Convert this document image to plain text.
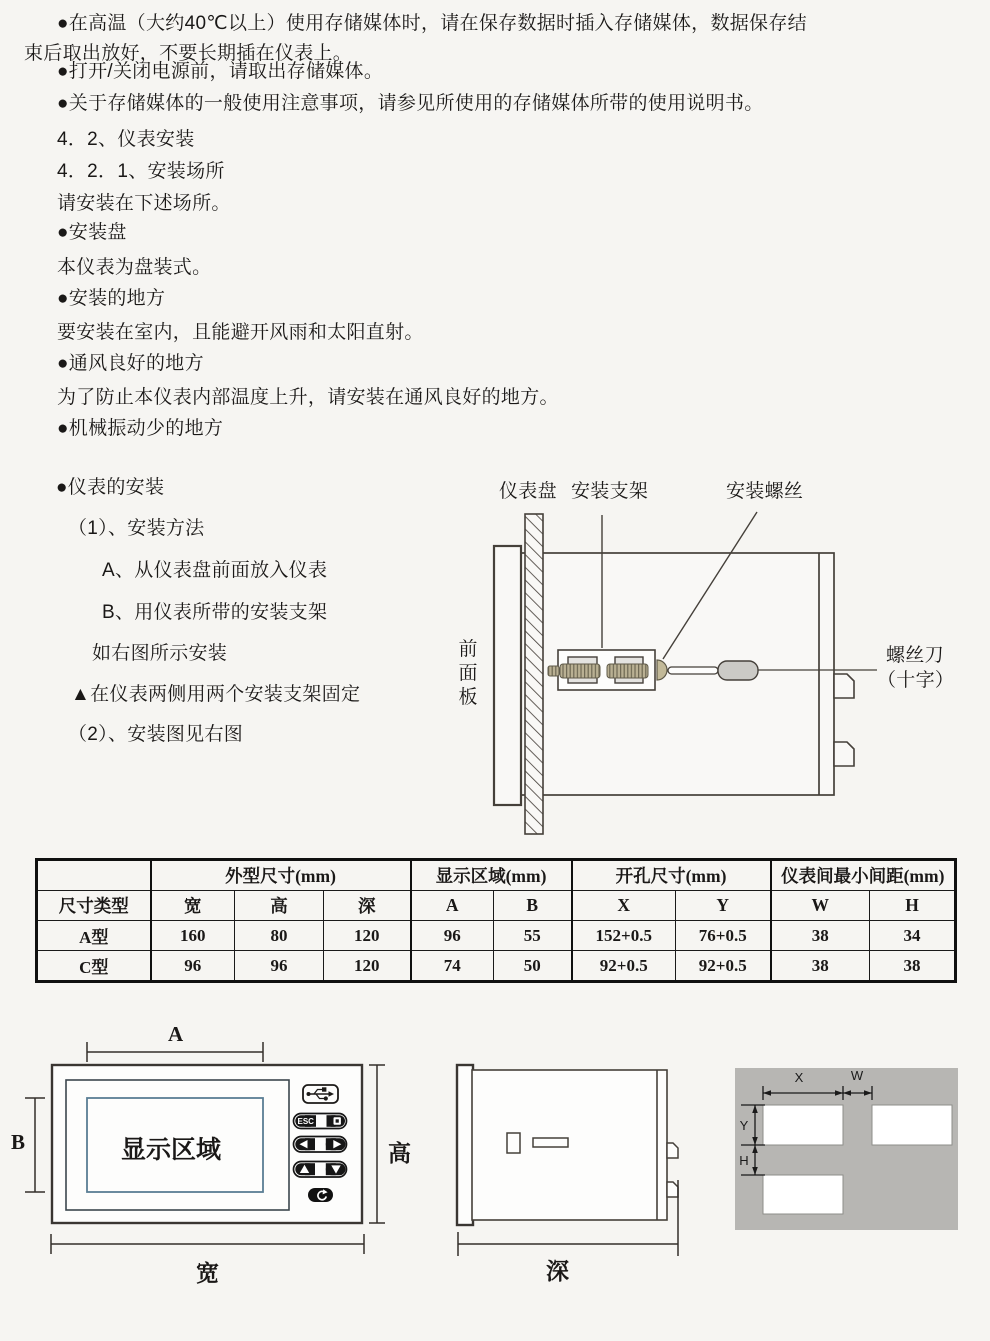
●在高温（大约40℃以上）使用存储媒体时，请在保存数据时插入存储媒体，数据保存结
束后取出放好，不要长期插在仪表上。
●打开/关闭电源前，请取出存储媒体。
●关于存储媒体的一般使用注意事项，请参见所使用的存储媒体所带的使用说明书。
4．2、仪表安装
4．2．1、安装场所
请安装在下述场所。
●安装盘
本仪表为盘装式。
●安装的地方
要安装在室内，且能避开风雨和太阳直射。
●通风良好的地方
为了防止本仪表内部温度上升，请安装在通风良好的地方。
●机械振动少的地方
●仪表的安装
（1）、安装方法
A、从仪表盘前面放入仪表
B、用仪表所带的安装支架
如右图所示安装
▲在仪表两侧用两个安装支架固定
（2）、安装图见右图
仪表盘 安装支架	安装螺丝
前面板
螺丝刀
（十字）
	外型尺寸(mm)			显示区域(mm)		开孔尺寸(mm)		仪表间最小间距(mm)	
尺寸类型	宽	高	深	A	B	X	Y	W	H
A型	160	80	120	96	55	152+0.5	76+0.5	38	34
C型	96	96	120	74	50	92+0.5	92+0.5	38	38
ESC
A
B	显示区域	高
宽	深
X	W
Y
H
